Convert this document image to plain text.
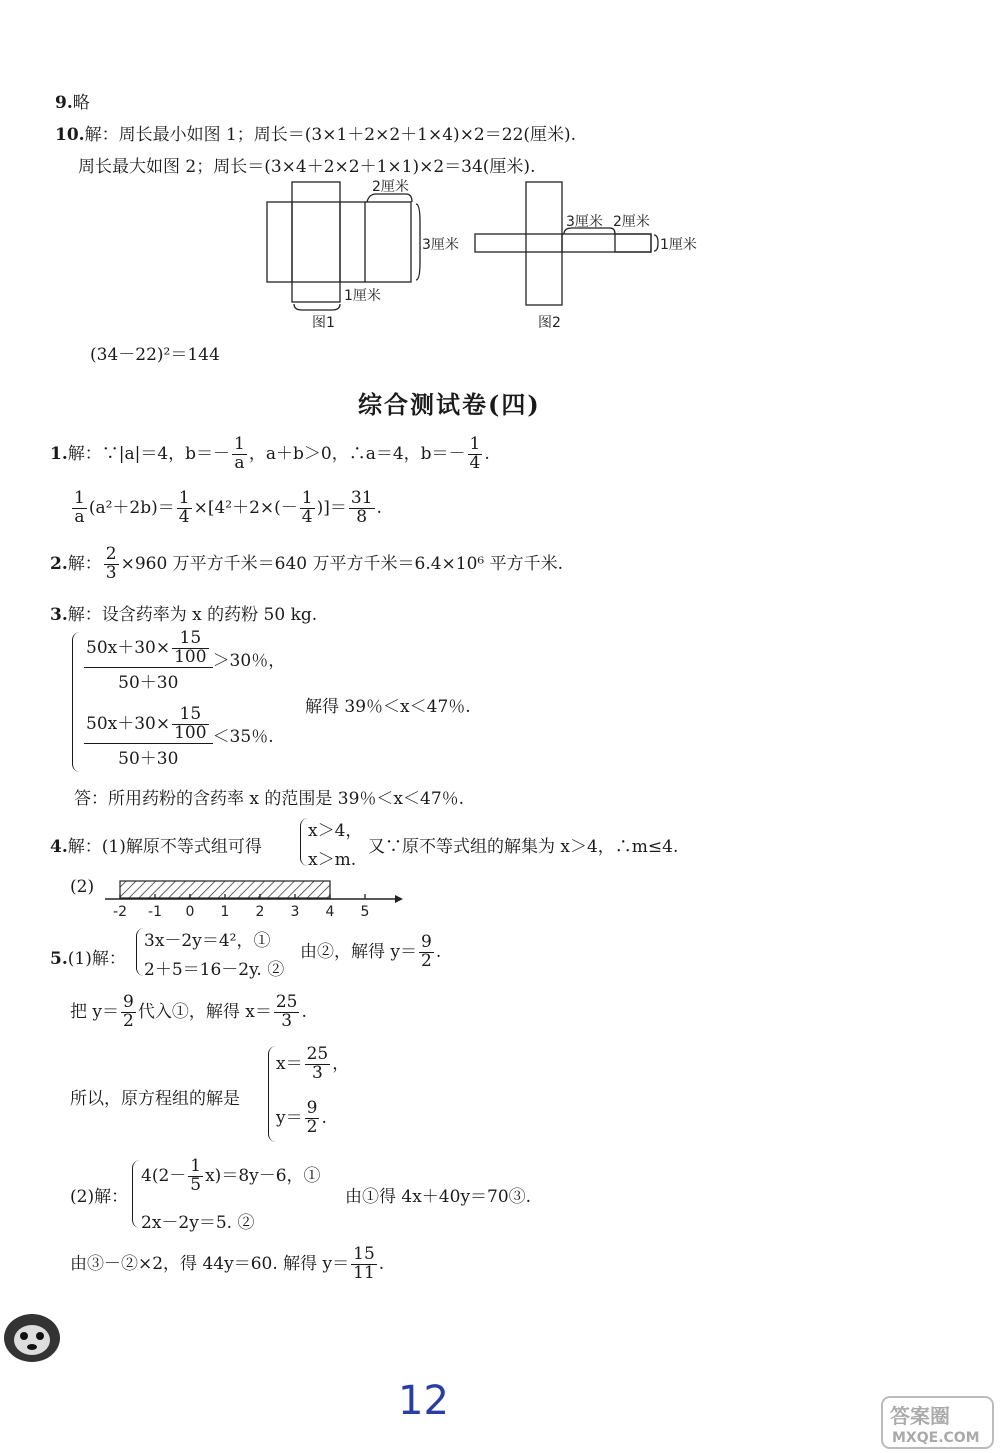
9.略
10.解：周长最小如图 1；周长＝(3×1＋2×2＋1×4)×2＝22(厘米).
周长最大如图 2；周长＝(3×4＋2×2＋1×1)×2＝34(厘米).
2厘米
3厘米
1厘米
图1
3厘米 2厘米
1厘米
图2
(34－22)²＝144
综合测试卷(四)
1.解：∵|a|＝4，$b=- \frac{1}{a}$ ，a＋b＞0，∴a＝4，$b=- \frac{1}{4}$ .
$\frac{1}{a} (a^2+2b)= \frac{1}{4} \times[4^2+2\times(- \frac{1}{4}$ )]＝ $\frac{31}{8}$ .
2.解： $\frac{2}{3} \times 960$ 万平方千米＝640 万平方千米＝6.4×10⁶ 平方千米.
3.解：设含药率为 x 的药粉 50 kg.
$\frac{50x+30\times \frac{15}{100}}{50+30} >30$％，
$\frac{50x+30\times \frac{15}{100}}{50+30} <35$％.
解得 39％＜x＜47％.
答：所用药粉的含药率 x 的范围是 39％＜x＜47％.
4.解：(1)解原不等式组可得
x＞4，
x＞m.
又∵原不等式组的解集为 x＞4，∴m≤4.
(2)
-2 -1 0 1 2 3 4 5
5.(1)解：
3x－2y＝4²，①
2＋5＝16－2y. ②
由②，解得 $y= \frac{9}{2}$ .
把 $y= \frac{9}{2}$ 代入①，解得 $x= \frac{25}{3}$ .
所以，原方程组的解是
$x= \frac{25}{3}$ ，
$y= \frac{9}{2}$ .
(2)解：
$4(2- \frac{1}{5} x)=8y-6$，①
2x－2y＝5. ②
由①得 4x＋40y＝70③.
由③－②×2，得 44y＝60. 解得 $y= \frac{15}{11}$ .
12	答案圈
MXQE.COM
